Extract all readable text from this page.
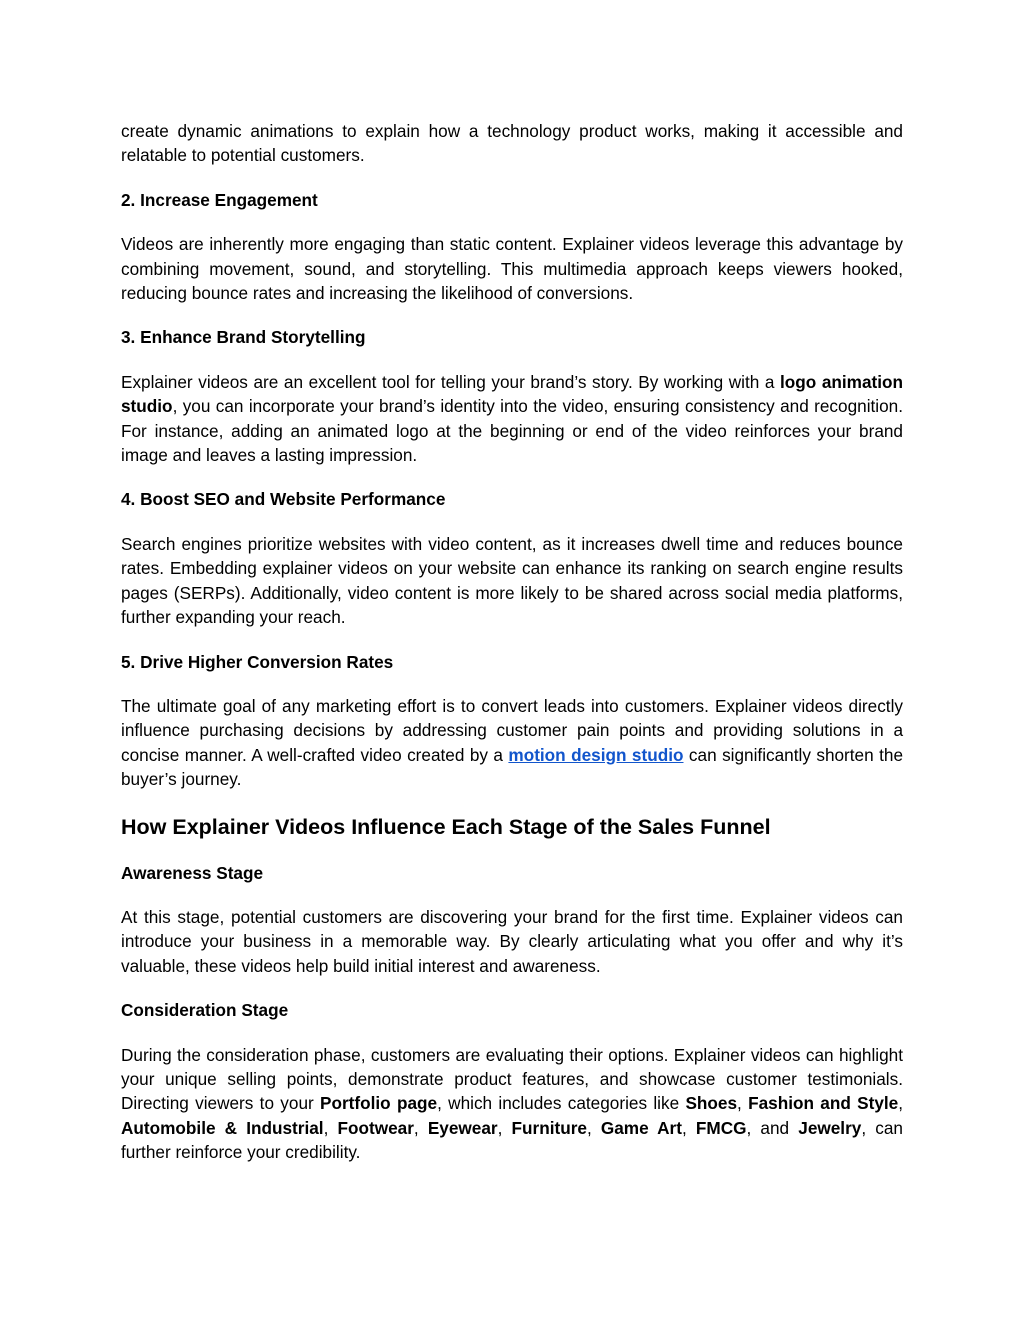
create dynamic animations to explain how a technology product works, making it accessible and relatable to potential customers.

2. Increase Engagement

Videos are inherently more engaging than static content. Explainer videos leverage this advantage by combining movement, sound, and storytelling. This multimedia approach keeps viewers hooked, reducing bounce rates and increasing the likelihood of conversions.

3. Enhance Brand Storytelling

Explainer videos are an excellent tool for telling your brand’s story. By working with a logo animation studio, you can incorporate your brand’s identity into the video, ensuring consistency and recognition. For instance, adding an animated logo at the beginning or end of the video reinforces your brand image and leaves a lasting impression.

4. Boost SEO and Website Performance

Search engines prioritize websites with video content, as it increases dwell time and reduces bounce rates. Embedding explainer videos on your website can enhance its ranking on search engine results pages (SERPs). Additionally, video content is more likely to be shared across social media platforms, further expanding your reach.

5. Drive Higher Conversion Rates

The ultimate goal of any marketing effort is to convert leads into customers. Explainer videos directly influence purchasing decisions by addressing customer pain points and providing solutions in a concise manner. A well-crafted video created by a motion design studio can significantly shorten the buyer’s journey.

How Explainer Videos Influence Each Stage of the Sales Funnel

Awareness Stage

At this stage, potential customers are discovering your brand for the first time. Explainer videos can introduce your business in a memorable way. By clearly articulating what you offer and why it’s valuable, these videos help build initial interest and awareness.

Consideration Stage

During the consideration phase, customers are evaluating their options. Explainer videos can highlight your unique selling points, demonstrate product features, and showcase customer testimonials. Directing viewers to your Portfolio page, which includes categories like Shoes, Fashion and Style, Automobile & Industrial, Footwear, Eyewear, Furniture, Game Art, FMCG, and Jewelry, can further reinforce your credibility.
